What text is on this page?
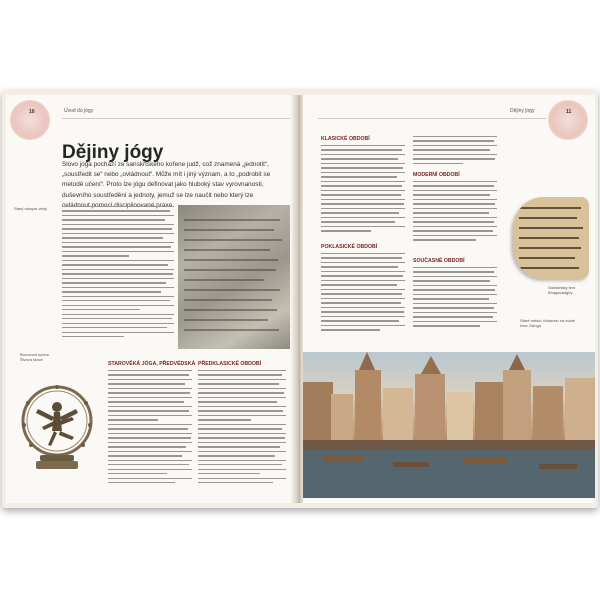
10	Úvod do jógy
Dějiny jógy
Slovo jóga pochází ze sanskrtského kořene judž, což znamená „jednotit“, „soustředit se“ nebo „ovládnout“. Může mít i jiný význam, a to „podrobit se metodě učení“. Proto lze jógu definovat jako hluboký stav vyrovnanosti, duševního soustředění a jednoty, jemuž se lze naučit nebo který lze
Starý rukopis védy
Bronzová socha Šivova tance
STAROVĚKÁ JÓGA, PŘEDVÉDSKÁ PŘEDKLASICKÉ OBDOBÍ
11
Dějiny jógy
KLASICKÉ OBDOBÍ
POKLASICKÉ OBDOBÍ
MODERNÍ OBDOBÍ
SOUČASNÉ OBDOBÍ
Sanskrtský text Bhagavadgíty
Staré město Váránasí na svaté řece Ganga
